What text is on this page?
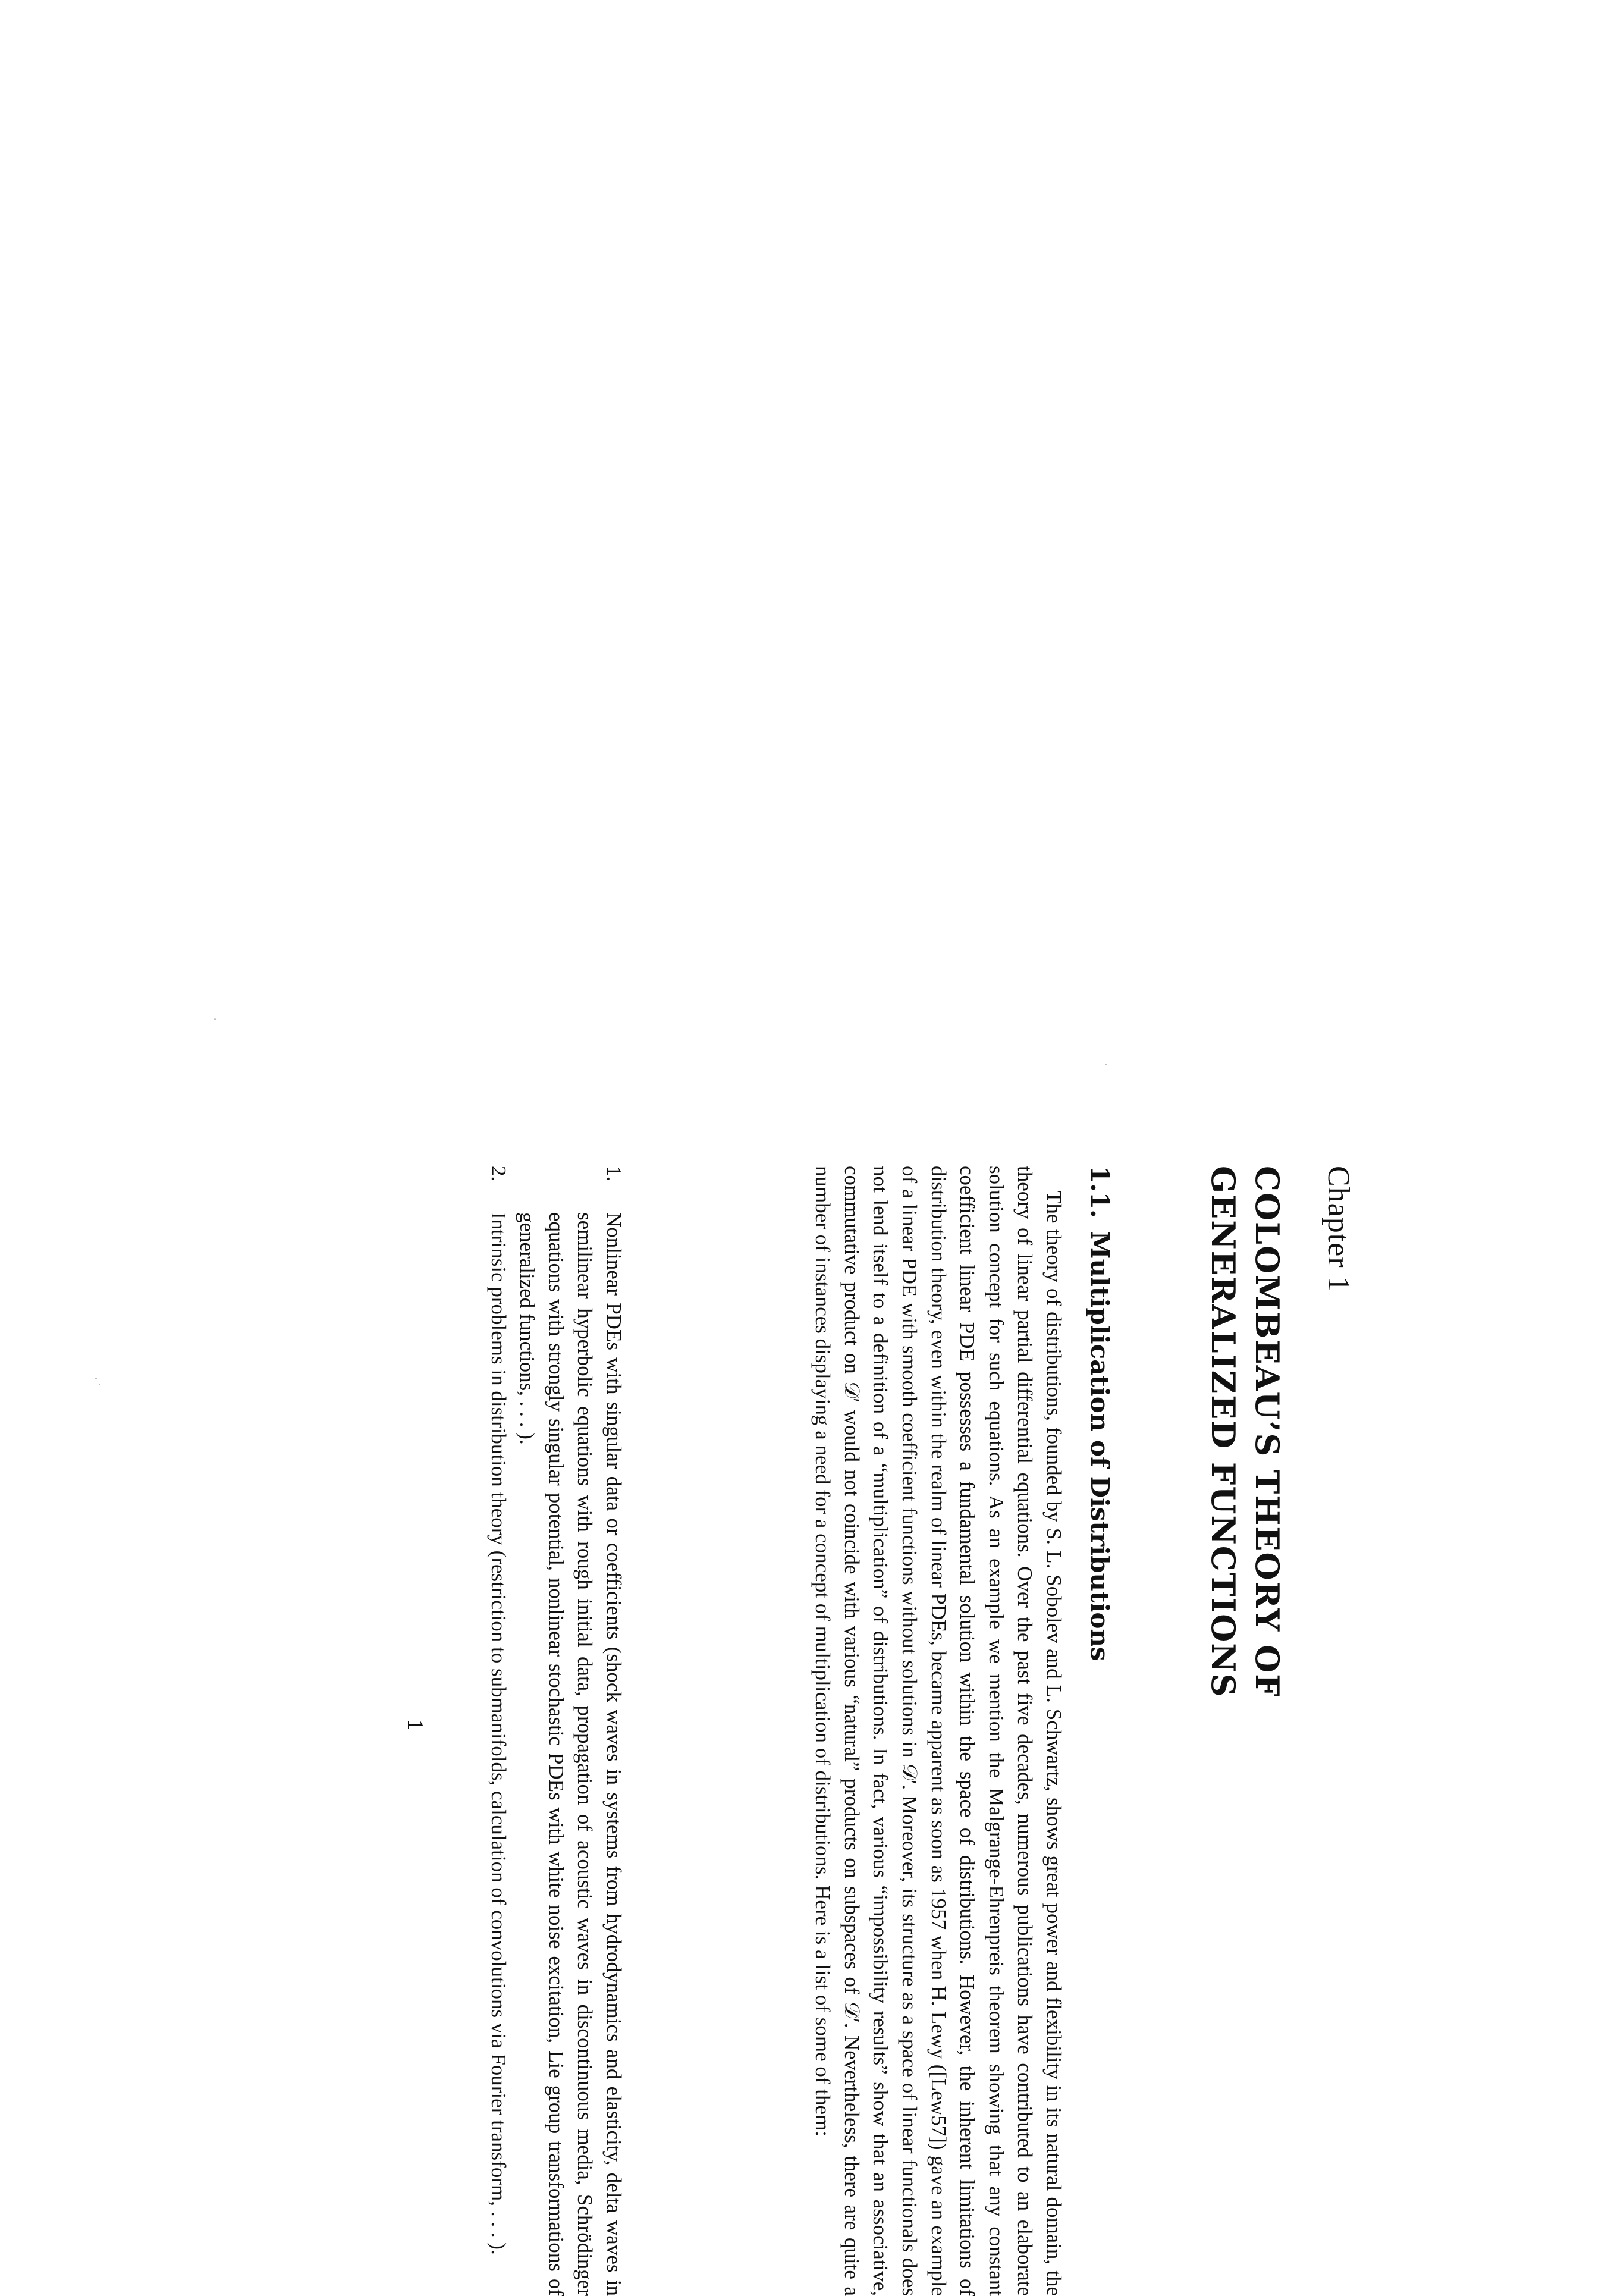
Chapter 1
COLOMBEAU’S THEORY OF
GENERALIZED FUNCTIONS
1.1.Multiplication of Distributions

The theory of distributions, founded by S. L. Sobolev and L. Schwartz, shows great power and flexibility in its natural domain, the theory of linear partial differential equations. Over the past five decades, numerous publications have contributed to an elaborate solution concept for such equations. As an example we mention the Malgrange-Ehrenpreis theorem showing that any constant coefficient linear PDE possesses a fundamental solution within the space of distributions. However, the inherent limitations of distribution theory, even within the realm of linear PDEs, became apparent as soon as 1957 when H. Lewy ([Lew57]) gave an example of a linear PDE with smooth coefficient functions without solutions in 𝒟′. Moreover, its structure as a space of linear functionals does not lend itself to a definition of a “multiplication” of distributions. In fact, various “impossibility results” show that an associative, commutative product on 𝒟′ would not coincide with various “natural” products on subspaces of 𝒟′. Nevertheless, there are quite a number of instances displaying a need for a concept of multiplication of distributions. Here is a list of some of them:

1.
Nonlinear PDEs with singular data or coefficients (shock waves in systems from hydrodynamics and elasticity, delta waves in semilinear hyperbolic equations with rough initial data, propagation of acoustic waves in discontinuous media, Schrödinger equations with strongly singular potential, nonlinear stochastic PDEs with white noise excitation, Lie group transformations of generalized functions, . . . ).
2.
Intrinsic problems in distribution theory (restriction to submanifolds, calculation of convolutions via Fourier transform, . . . ).
1
